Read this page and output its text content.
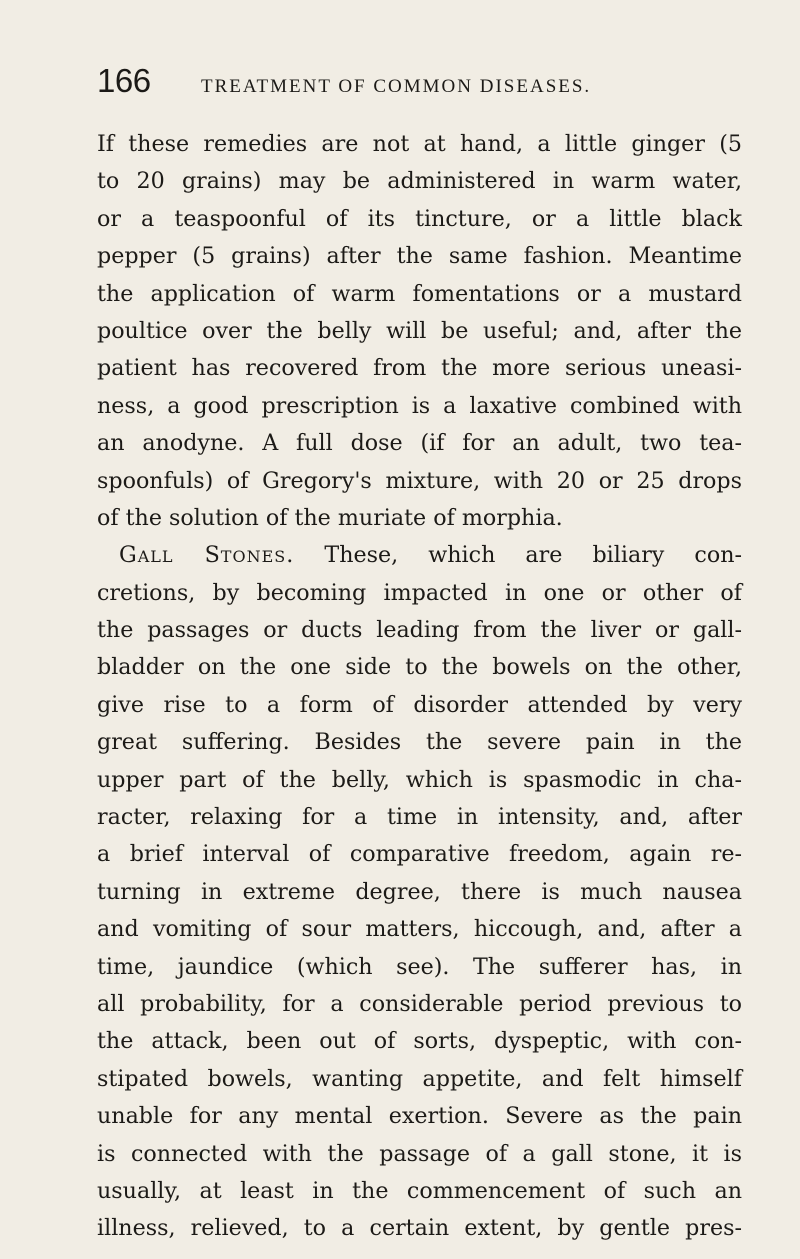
166	TREATMENT OF COMMON DISEASES.
If these remedies are not at hand, a little ginger (5
to 20 grains) may be administered in warm water,
or a teaspoonful of its tincture, or a little black
pepper (5 grains) after the same fashion. Meantime
the application of warm fomentations or a mustard
poultice over the belly will be useful; and, after the
patient has recovered from the more serious uneasi-
ness, a good prescription is a laxative combined with
an anodyne. A full dose (if for an adult, two tea-
spoonfuls) of Gregory's mixture, with 20 or 25 drops
of the solution of the muriate of morphia.
Gall Stones. These, which are biliary con-
cretions, by becoming impacted in one or other of
the passages or ducts leading from the liver or gall-
bladder on the one side to the bowels on the other,
give rise to a form of disorder attended by very
great suffering. Besides the severe pain in the
upper part of the belly, which is spasmodic in cha-
racter, relaxing for a time in intensity, and, after
a brief interval of comparative freedom, again re-
turning in extreme degree, there is much nausea
and vomiting of sour matters, hiccough, and, after a
time, jaundice (which see). The sufferer has, in
all probability, for a considerable period previous to
the attack, been out of sorts, dyspeptic, with con-
stipated bowels, wanting appetite, and felt himself
unable for any mental exertion. Severe as the pain
is connected with the passage of a gall stone, it is
usually, at least in the commencement of such an
illness, relieved, to a certain extent, by gentle pres-
